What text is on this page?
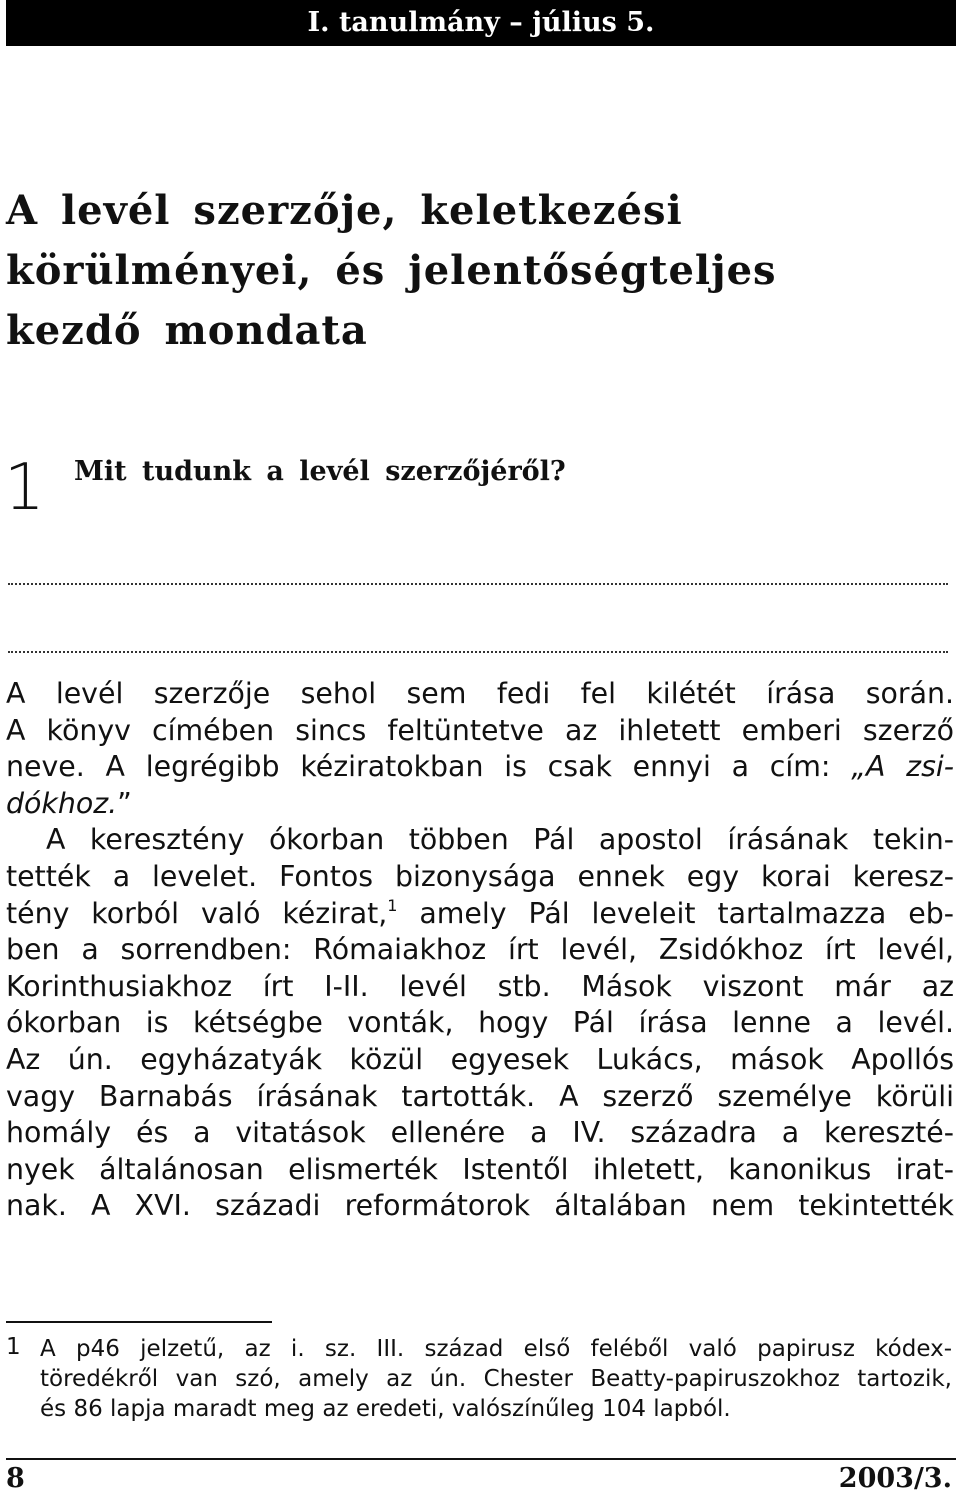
I. tanulmány – július 5.
A levél szerzője, keletkezési
körülményei, és jelentőségteljes
kezdő mondata
1 Mit tudunk a levél szerzőjéről?
A levél szerzője sehol sem fedi fel kilétét írása során.
A könyv címében sincs feltüntetve az ihletett emberi szerző
neve. A legrégibb kéziratokban is csak ennyi a cím: „A zsi-
dókhoz.”
A keresztény ókorban többen Pál apostol írásának tekin-
tették a levelet. Fontos bizonysága ennek egy korai keresz-
tény korból való kézirat,$^1$ amely Pál leveleit tartalmazza eb-
ben a sorrendben: Rómaiakhoz írt levél, Zsidókhoz írt levél,
Korinthusiakhoz írt I-II. levél stb. Mások viszont már az
ókorban is kétségbe vonták, hogy Pál írása lenne a levél.
Az ún. egyházatyák közül egyesek Lukács, mások Apollós
vagy Barnabás írásának tartották. A szerző személye körüli
homály és a vitatások ellenére a IV. századra a kereszté-
nyek általánosan elismerték Istentől ihletett, kanonikus irat-
nak. A XVI. századi reformátorok általában nem tekintették
1 A p46 jelzetű, az i. sz. III. század első feléből való papirusz kódex-
töredékről van szó, amely az ún. Chester Beatty-papiruszokhoz tartozik,
és 86 lapja maradt meg az eredeti, valószínűleg 104 lapból.
8	2003/3.
